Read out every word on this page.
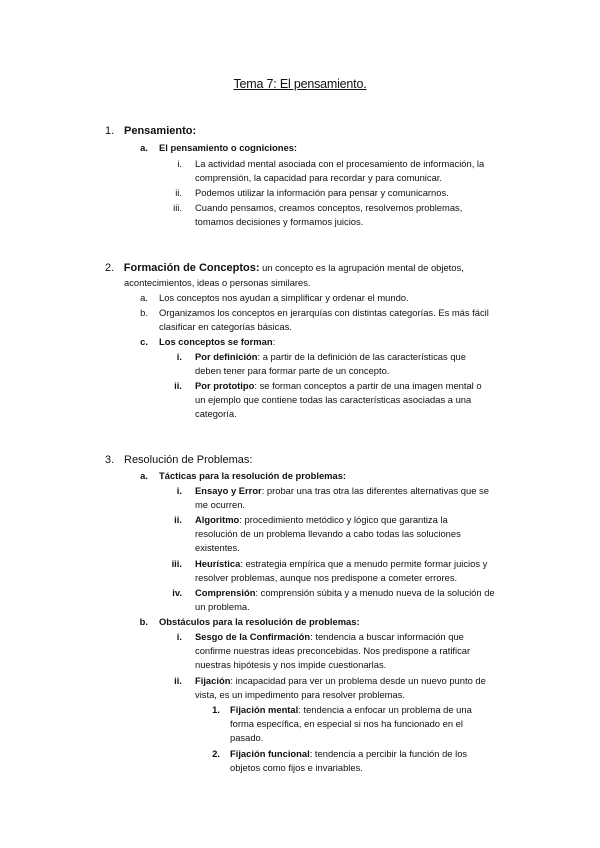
Tema 7: El pensamiento.
1. Pensamiento:
a. El pensamiento o cogniciones:
i. La actividad mental asociada con el procesamiento de información, la
comprensión, la capacidad para recordar y para comunicar.
ii. Podemos utilizar la información para pensar y comunicarnos.
iii. Cuando pensamos, creamos conceptos, resolvemos problemas,
tomamos decisiones y formamos juicios.
2. Formación de Conceptos: un concepto es la agrupación mental de objetos,
acontecimientos, ideas o personas similares.
a. Los conceptos nos ayudan a simplificar y ordenar el mundo.
b. Organizamos los conceptos en jerarquías con distintas categorías. Es más fácil
clasificar en categorías básicas.
c. Los conceptos se forman:
i. Por definición: a partir de la definición de las características que
deben tener para formar parte de un concepto.
ii. Por prototipo: se forman conceptos a partir de una imagen mental o
un ejemplo que contiene todas las características asociadas a una
categoría.
3. Resolución de Problemas:
a. Tácticas para la resolución de problemas:
i. Ensayo y Error: probar una tras otra las diferentes alternativas que se
me ocurren.
ii. Algoritmo: procedimiento metódico y lógico que garantiza la
resolución de un problema llevando a cabo todas las soluciones
existentes.
iii. Heurística: estrategia empírica que a menudo permite formar juicios y
resolver problemas, aunque nos predispone a cometer errores.
iv. Comprensión: comprensión súbita y a menudo nueva de la solución de
un problema.
b. Obstáculos para la resolución de problemas:
i. Sesgo de la Confirmación: tendencia a buscar información que
confirme nuestras ideas preconcebidas. Nos predispone a ratificar
nuestras hipótesis y nos impide cuestionarlas.
ii. Fijación: incapacidad para ver un problema desde un nuevo punto de
vista, es un impedimento para resolver problemas.
1. Fijación mental: tendencia a enfocar un problema de una
forma específica, en especial si nos ha funcionado en el
pasado.
2. Fijación funcional: tendencia a percibir la función de los
objetos como fijos e invariables.
